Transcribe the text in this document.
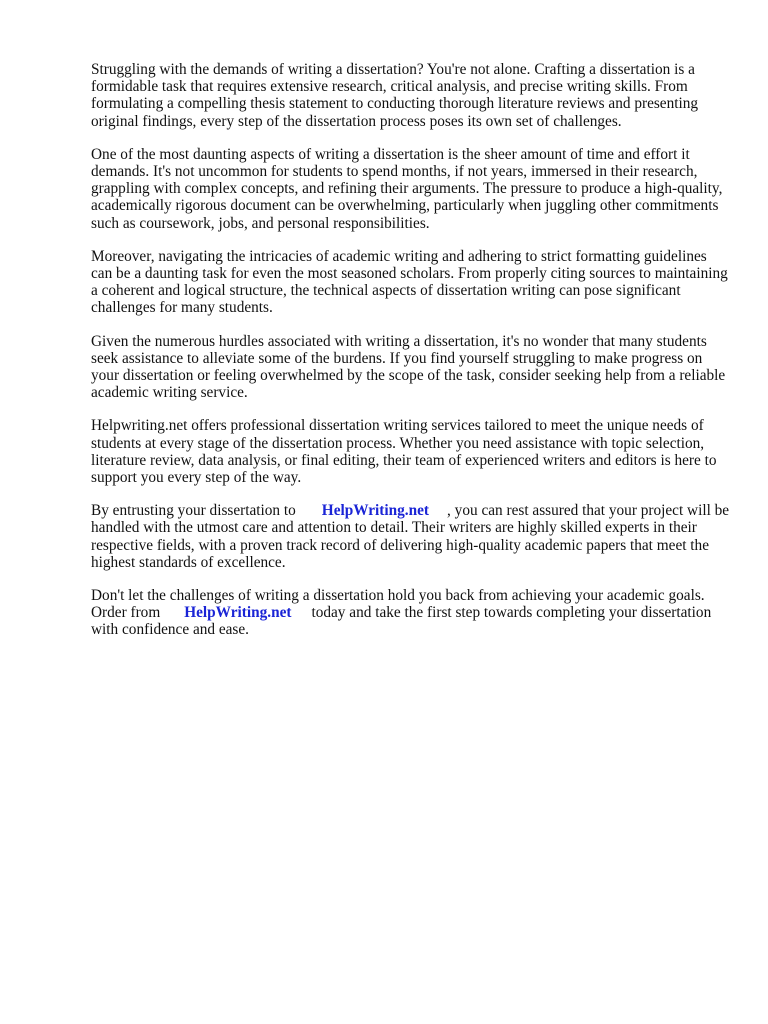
Struggling with the demands of writing a dissertation? You're not alone. Crafting a dissertation is a formidable task that requires extensive research, critical analysis, and precise writing skills. From formulating a compelling thesis statement to conducting thorough literature reviews and presenting original findings, every step of the dissertation process poses its own set of challenges.

One of the most daunting aspects of writing a dissertation is the sheer amount of time and effort it demands. It's not uncommon for students to spend months, if not years, immersed in their research, grappling with complex concepts, and refining their arguments. The pressure to produce a high-quality, academically rigorous document can be overwhelming, particularly when juggling other commitments such as coursework, jobs, and personal responsibilities.

Moreover, navigating the intricacies of academic writing and adhering to strict formatting guidelines can be a daunting task for even the most seasoned scholars. From properly citing sources to maintaining a coherent and logical structure, the technical aspects of dissertation writing can pose significant challenges for many students.

Given the numerous hurdles associated with writing a dissertation, it's no wonder that many students seek assistance to alleviate some of the burdens. If you find yourself struggling to make progress on your dissertation or feeling overwhelmed by the scope of the task, consider seeking help from a reliable academic writing service.

Helpwriting.net offers professional dissertation writing services tailored to meet the unique needs of students at every stage of the dissertation process. Whether you need assistance with topic selection, literature review, data analysis, or final editing, their team of experienced writers and editors is here to support you every step of the way.

By entrusting your dissertation to HelpWriting.net , you can rest assured that your project will be handled with the utmost care and attention to detail. Their writers are highly skilled experts in their respective fields, with a proven track record of delivering high-quality academic papers that meet the highest standards of excellence.

Don't let the challenges of writing a dissertation hold you back from achieving your academic goals. Order from HelpWriting.net today and take the first step towards completing your dissertation with confidence and ease.
